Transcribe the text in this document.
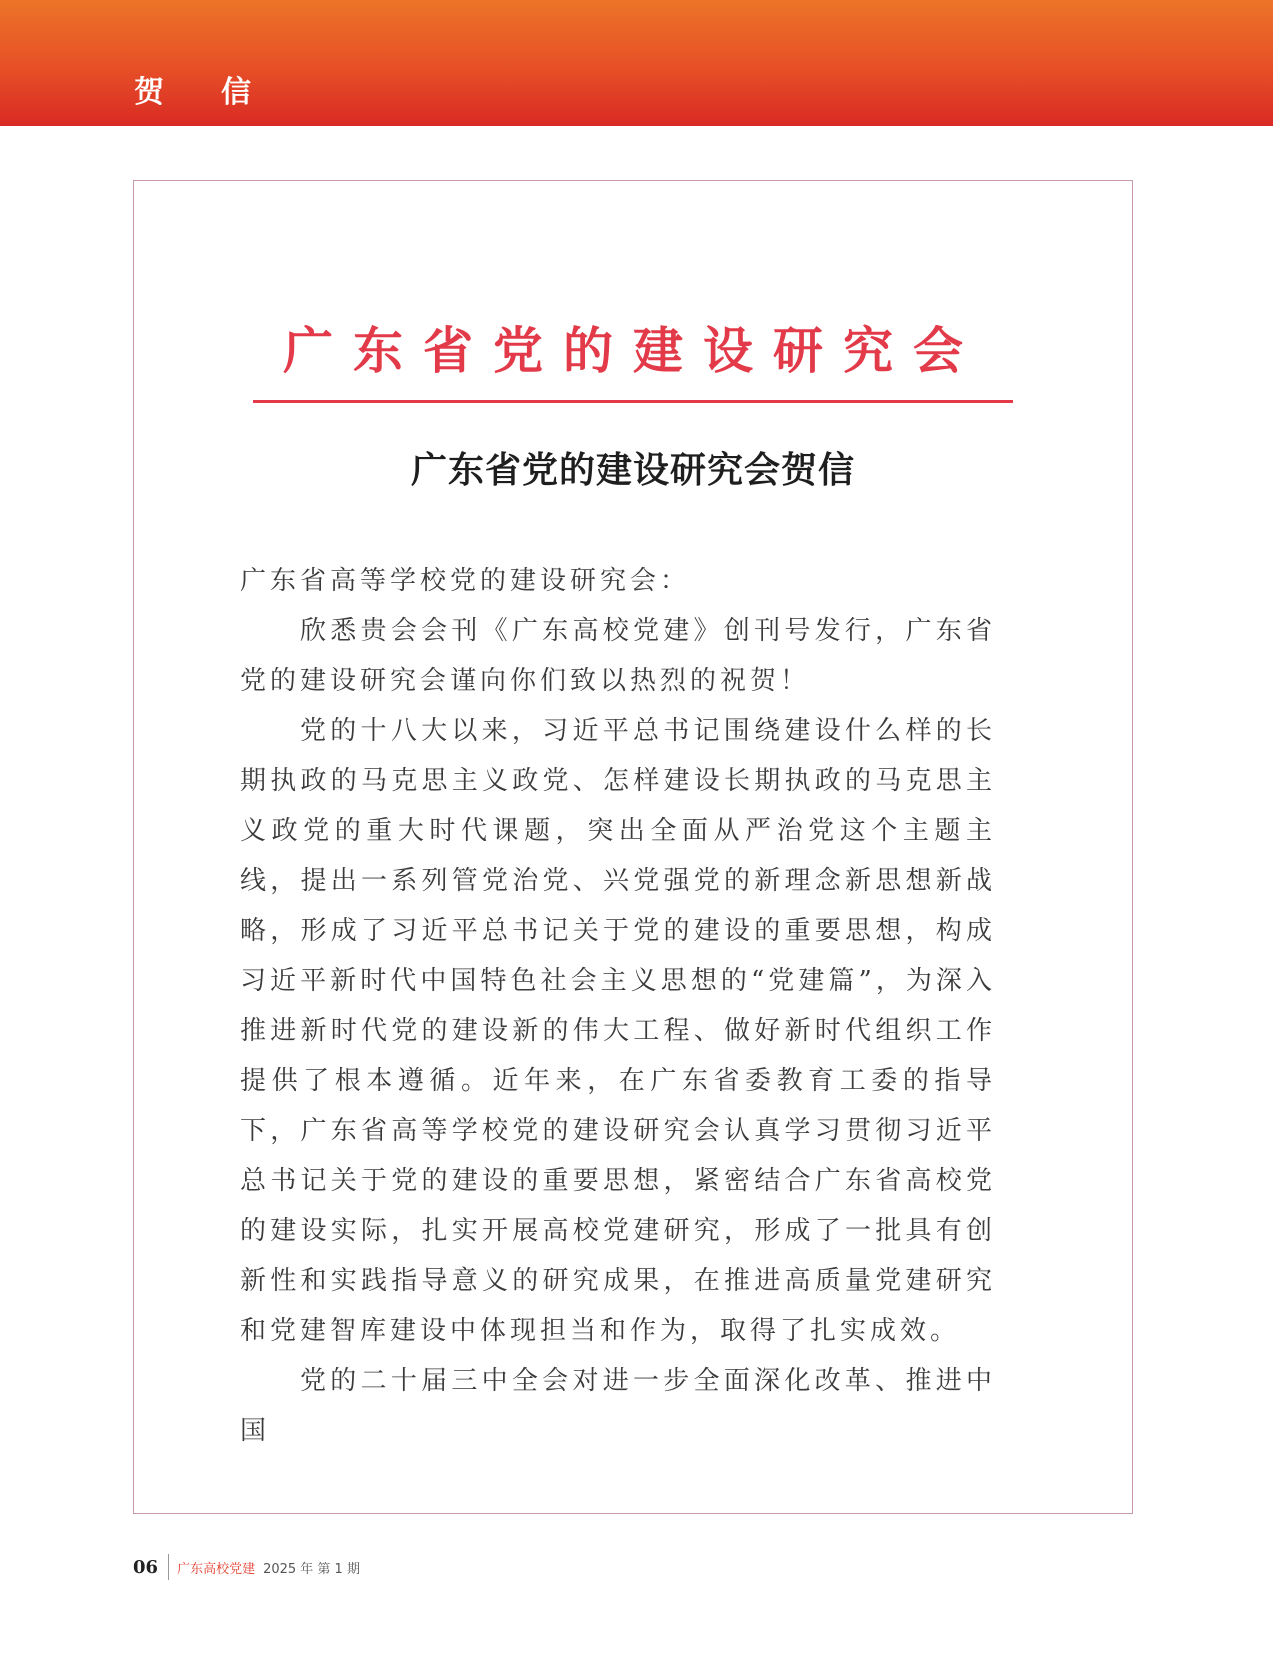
贺信
广东省党的建设研究会
广东省党的建设研究会贺信

广东省高等学校党的建设研究会：

欣悉贵会会刊《广东高校党建》创刊号发行，广东省党的建设研究会谨向你们致以热烈的祝贺！

党的十八大以来，习近平总书记围绕建设什么样的长期执政的马克思主义政党、怎样建设长期执政的马克思主义政党的重大时代课题，突出全面从严治党这个主题主线，提出一系列管党治党、兴党强党的新理念新思想新战略，形成了习近平总书记关于党的建设的重要思想，构成习近平新时代中国特色社会主义思想的“党建篇”，为深入推进新时代党的建设新的伟大工程、做好新时代组织工作提供了根本遵循。近年来，在广东省委教育工委的指导下，广东省高等学校党的建设研究会认真学习贯彻习近平总书记关于党的建设的重要思想，紧密结合广东省高校党的建设实际，扎实开展高校党建研究，形成了一批具有创新性和实践指导意义的研究成果，在推进高质量党建研究和党建智库建设中体现担当和作为，取得了扎实成效。

党的二十届三中全会对进一步全面深化改革、推进中国

06 广东高校党建 2025 年 第 1 期
